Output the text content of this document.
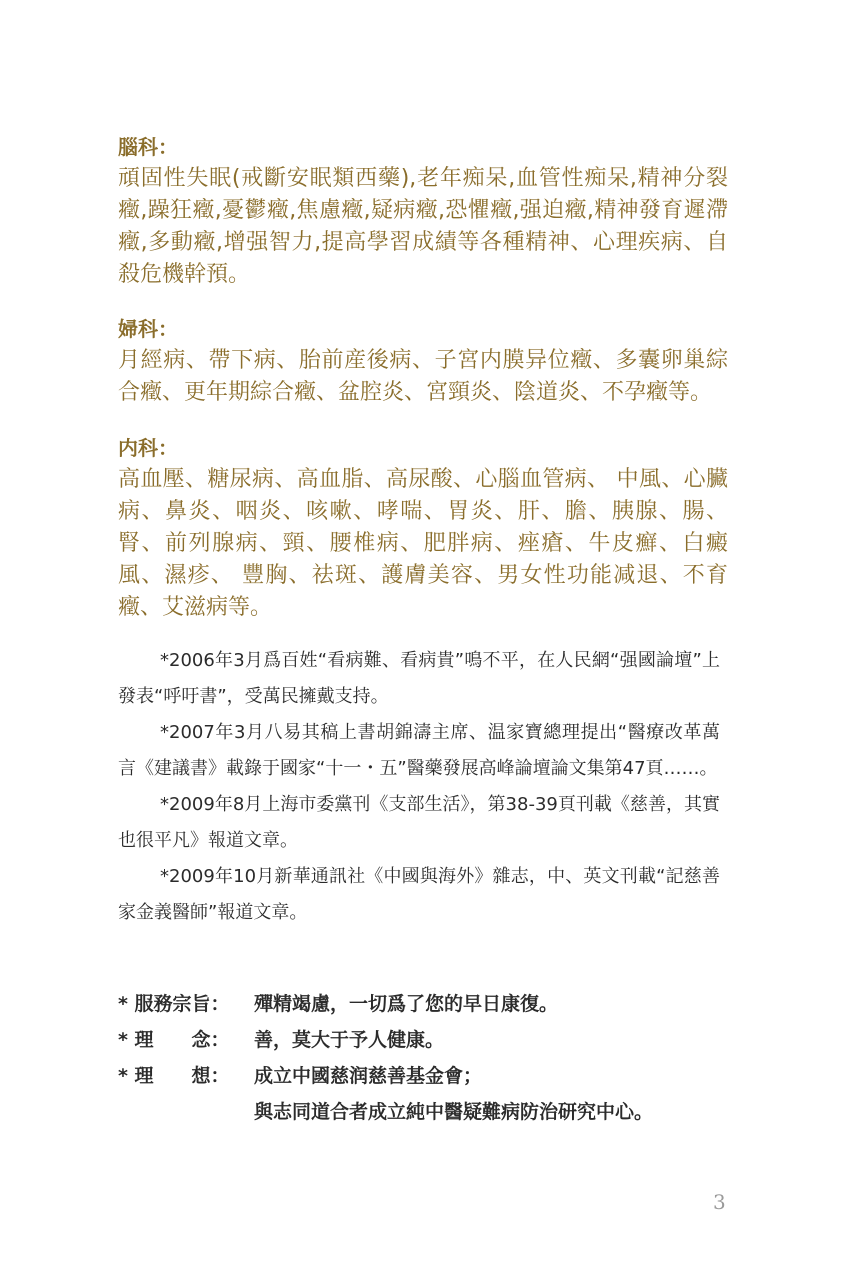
腦科：
頑固性失眠(戒斷安眠類西藥),老年痴呆,血管性痴呆,精神分裂癥,躁狂癥,憂鬱癥,焦慮癥,疑病癥,恐懼癥,强迫癥,精神發育遲滯癥,多動癥,增强智力,提高學習成績等各種精神、心理疾病、自殺危機幹預。
婦科：
月經病、帶下病、胎前産後病、子宮内膜异位癥、多囊卵巢綜合癥、更年期綜合癥、盆腔炎、宮頸炎、陰道炎、不孕癥等。
内科：
高血壓、糖尿病、高血脂、高尿酸、心腦血管病、 中風、心臟病、鼻炎、咽炎、咳嗽、哮喘、胃炎、肝、膽、胰腺、腸、腎、前列腺病、頸、腰椎病、肥胖病、痤瘡、牛皮癬、白癜風、濕疹、 豐胸、祛斑、護膚美容、男女性功能减退、不育癥、艾滋病等。

*2006年3月爲百姓“看病難、看病貴”鳴不平，在人民網“强國論壇”上發表“呼吁書”，受萬民擁戴支持。

*2007年3月八易其稿上書胡錦濤主席、温家寶總理提出“醫療改革萬言《建議書》載錄于國家“十一・五”醫藥發展高峰論壇論文集第47頁……。

*2009年8月上海市委黨刊《支部生活》，第38-39頁刊載《慈善，其實也很平凡》報道文章。

*2009年10月新華通訊社《中國與海外》雜志，中、英文刊載“記慈善家金義醫師”報道文章。

* 服務宗旨：	殫精竭慮，一切爲了您的早日康復。
* 理　　念：	善，莫大于予人健康。
* 理　　想：	成立中國慈润慈善基金會；
與志同道合者成立純中醫疑難病防治研究中心。
3
